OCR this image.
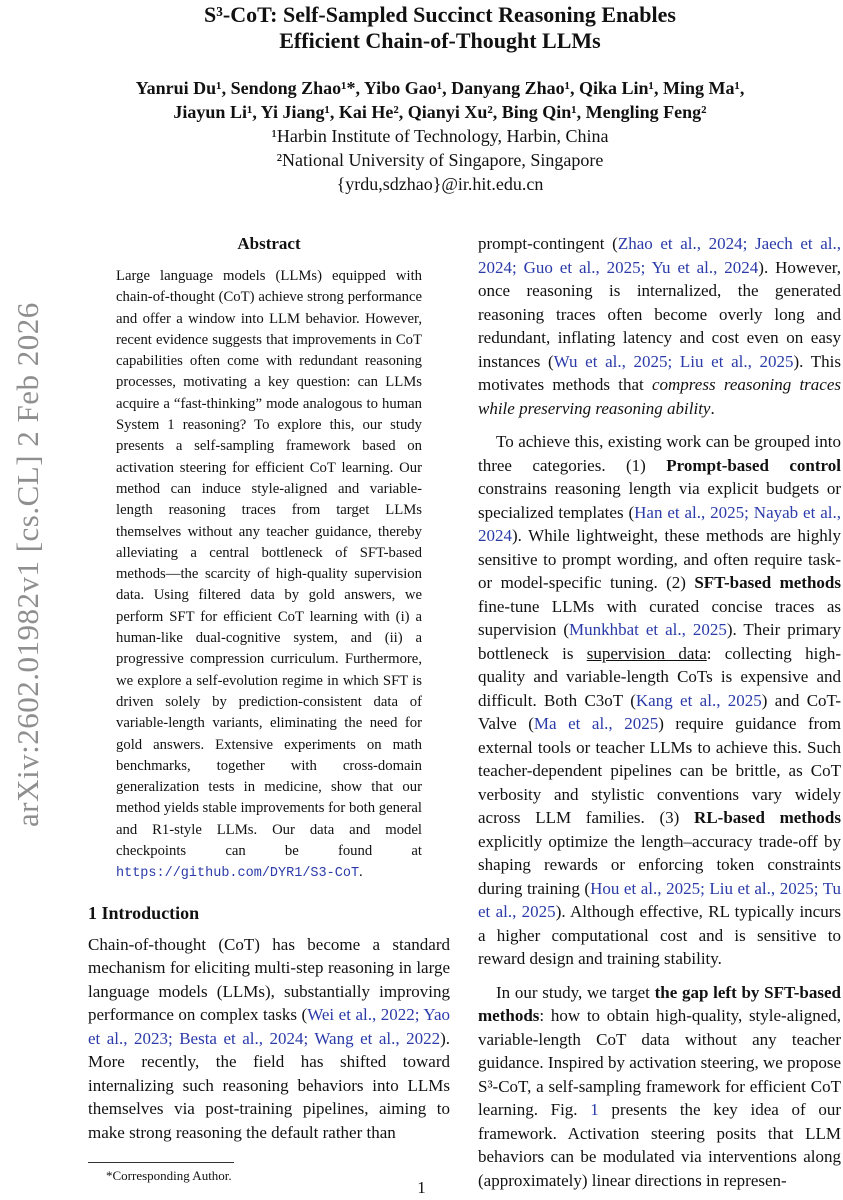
arXiv:2602.01982v1 [cs.CL] 2 Feb 2026
S³-CoT: Self-Sampled Succinct Reasoning Enables
Efficient Chain-of-Thought LLMs
Yanrui Du¹, Sendong Zhao¹*, Yibo Gao¹, Danyang Zhao¹, Qika Lin¹, Ming Ma¹,
Jiayun Li¹, Yi Jiang¹, Kai He², Qianyi Xu², Bing Qin¹, Mengling Feng²
¹Harbin Institute of Technology, Harbin, China
²National University of Singapore, Singapore
{yrdu,sdzhao}@ir.hit.edu.cn
Abstract

Large language models (LLMs) equipped with chain-of-thought (CoT) achieve strong performance and offer a window into LLM behavior. However, recent evidence suggests that improvements in CoT capabilities often come with redundant reasoning processes, motivating a key question: can LLMs acquire a “fast-thinking” mode analogous to human System 1 reasoning? To explore this, our study presents a self-sampling framework based on activation steering for efficient CoT learning. Our method can induce style-aligned and variable-length reasoning traces from target LLMs themselves without any teacher guidance, thereby alleviating a central bottleneck of SFT-based methods—the scarcity of high-quality supervision data. Using filtered data by gold answers, we perform SFT for efficient CoT learning with (i) a human-like dual-cognitive system, and (ii) a progressive compression curriculum. Furthermore, we explore a self-evolution regime in which SFT is driven solely by prediction-consistent data of variable-length variants, eliminating the need for gold answers. Extensive experiments on math benchmarks, together with cross-domain generalization tests in medicine, show that our method yields stable improvements for both general and R1-style LLMs. Our data and model checkpoints can be found at https://github.com/DYR1/S3-CoT.

1 Introduction

Chain-of-thought (CoT) has become a standard mechanism for eliciting multi-step reasoning in large language models (LLMs), substantially improving performance on complex tasks (Wei et al., 2022; Yao et al., 2023; Besta et al., 2024; Wang et al., 2022). More recently, the field has shifted toward internalizing such reasoning behaviors into LLMs themselves via post-training pipelines, aiming to make strong reasoning the default rather than

*Corresponding Author.

prompt-contingent (Zhao et al., 2024; Jaech et al., 2024; Guo et al., 2025; Yu et al., 2024). However, once reasoning is internalized, the generated reasoning traces often become overly long and redundant, inflating latency and cost even on easy instances (Wu et al., 2025; Liu et al., 2025). This motivates methods that compress reasoning traces while preserving reasoning ability.

To achieve this, existing work can be grouped into three categories. (1) Prompt-based control constrains reasoning length via explicit budgets or specialized templates (Han et al., 2025; Nayab et al., 2024). While lightweight, these methods are highly sensitive to prompt wording, and often require task- or model-specific tuning. (2) SFT-based methods fine-tune LLMs with curated concise traces as supervision (Munkhbat et al., 2025). Their primary bottleneck is supervision data: collecting high-quality and variable-length CoTs is expensive and difficult. Both C3oT (Kang et al., 2025) and CoT-Valve (Ma et al., 2025) require guidance from external tools or teacher LLMs to achieve this. Such teacher-dependent pipelines can be brittle, as CoT verbosity and stylistic conventions vary widely across LLM families. (3) RL-based methods explicitly optimize the length–accuracy trade-off by shaping rewards or enforcing token constraints during training (Hou et al., 2025; Liu et al., 2025; Tu et al., 2025). Although effective, RL typically incurs a higher computational cost and is sensitive to reward design and training stability.

In our study, we target the gap left by SFT-based methods: how to obtain high-quality, style-aligned, variable-length CoT data without any teacher guidance. Inspired by activation steering, we propose S³-CoT, a self-sampling framework for efficient CoT learning. Fig. 1 presents the key idea of our framework. Activation steering posits that LLM behaviors can be modulated via interventions along (approximately) linear directions in represen-

1
